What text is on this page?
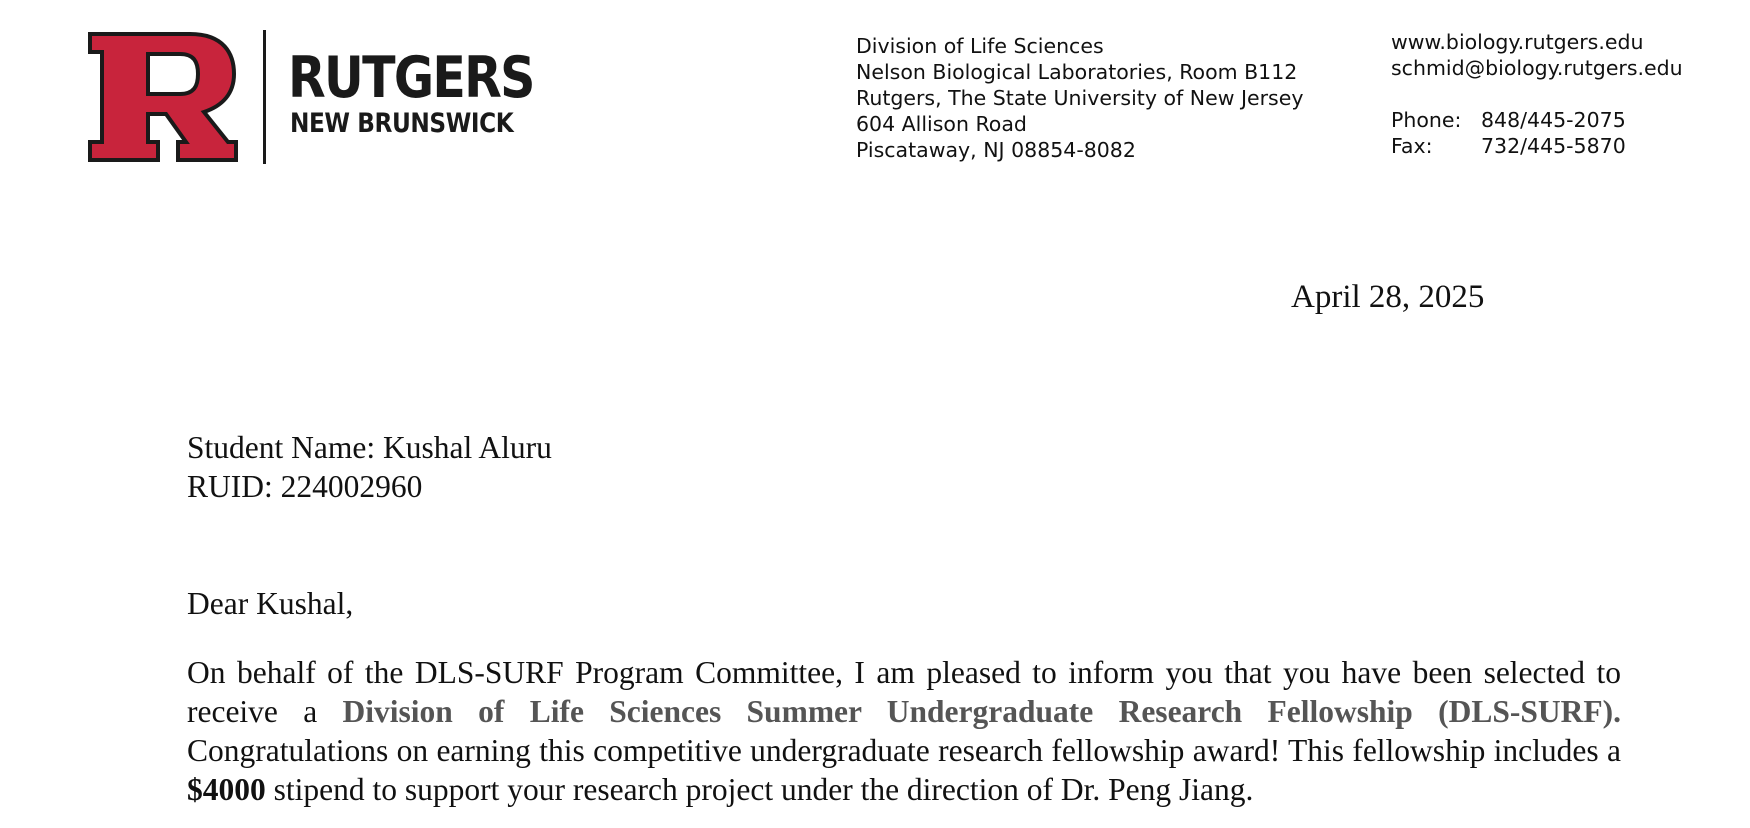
RUTGERS
NEW BRUNSWICK
Division of Life Sciences
Nelson Biological Laboratories, Room B112
Rutgers, The State University of New Jersey
604 Allison Road
Piscataway, NJ 08854-8082
www.biology.rutgers.edu
schmid@biology.rutgers.edu
Phone: 848/445-2075
Fax: 732/445-5870
April 28, 2025
Student Name: Kushal Aluru
RUID: 224002960
Dear Kushal,
On behalf of the DLS-SURF Program Committee, I am pleased to inform you that you have been selected to receive a Division of Life Sciences Summer Undergraduate Research Fellowship (DLS-SURF). Congratulations on earning this competitive undergraduate research fellowship award! This fellowship includes a $4000 stipend to support your research project under the direction of Dr. Peng Jiang.
